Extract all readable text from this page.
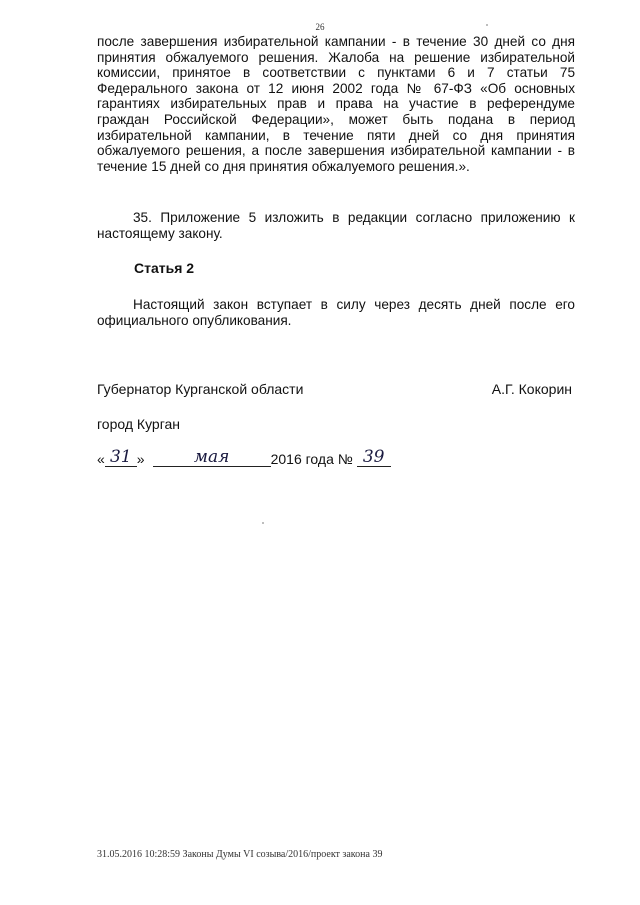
26

после завершения избирательной кампании - в течение 30 дней со дня принятия обжалуемого решения. Жалоба на решение избирательной комиссии, принятое в соответствии с пунктами 6 и 7 статьи 75 Федерального закона от 12 июня 2002 года № 67-ФЗ «Об основных гарантиях избирательных прав и права на участие в референдуме граждан Российской Федерации», может быть подана в период избирательной кампании, в течение пяти дней со дня принятия обжалуемого решения, а после завершения избирательной кампании - в течение 15 дней со дня принятия обжалуемого решения.».

35. Приложение 5 изложить в редакции согласно приложению к настоящему закону.

Статья 2

Настоящий закон вступает в силу через десять дней после его официального опубликования.

Губернатор Курганской области	А.Г. Кокорин
город Курган
« 31 »	мая	2016 года № 39
31.05.2016 10:28:59 Законы Думы VI созыва/2016/проект закона 39
